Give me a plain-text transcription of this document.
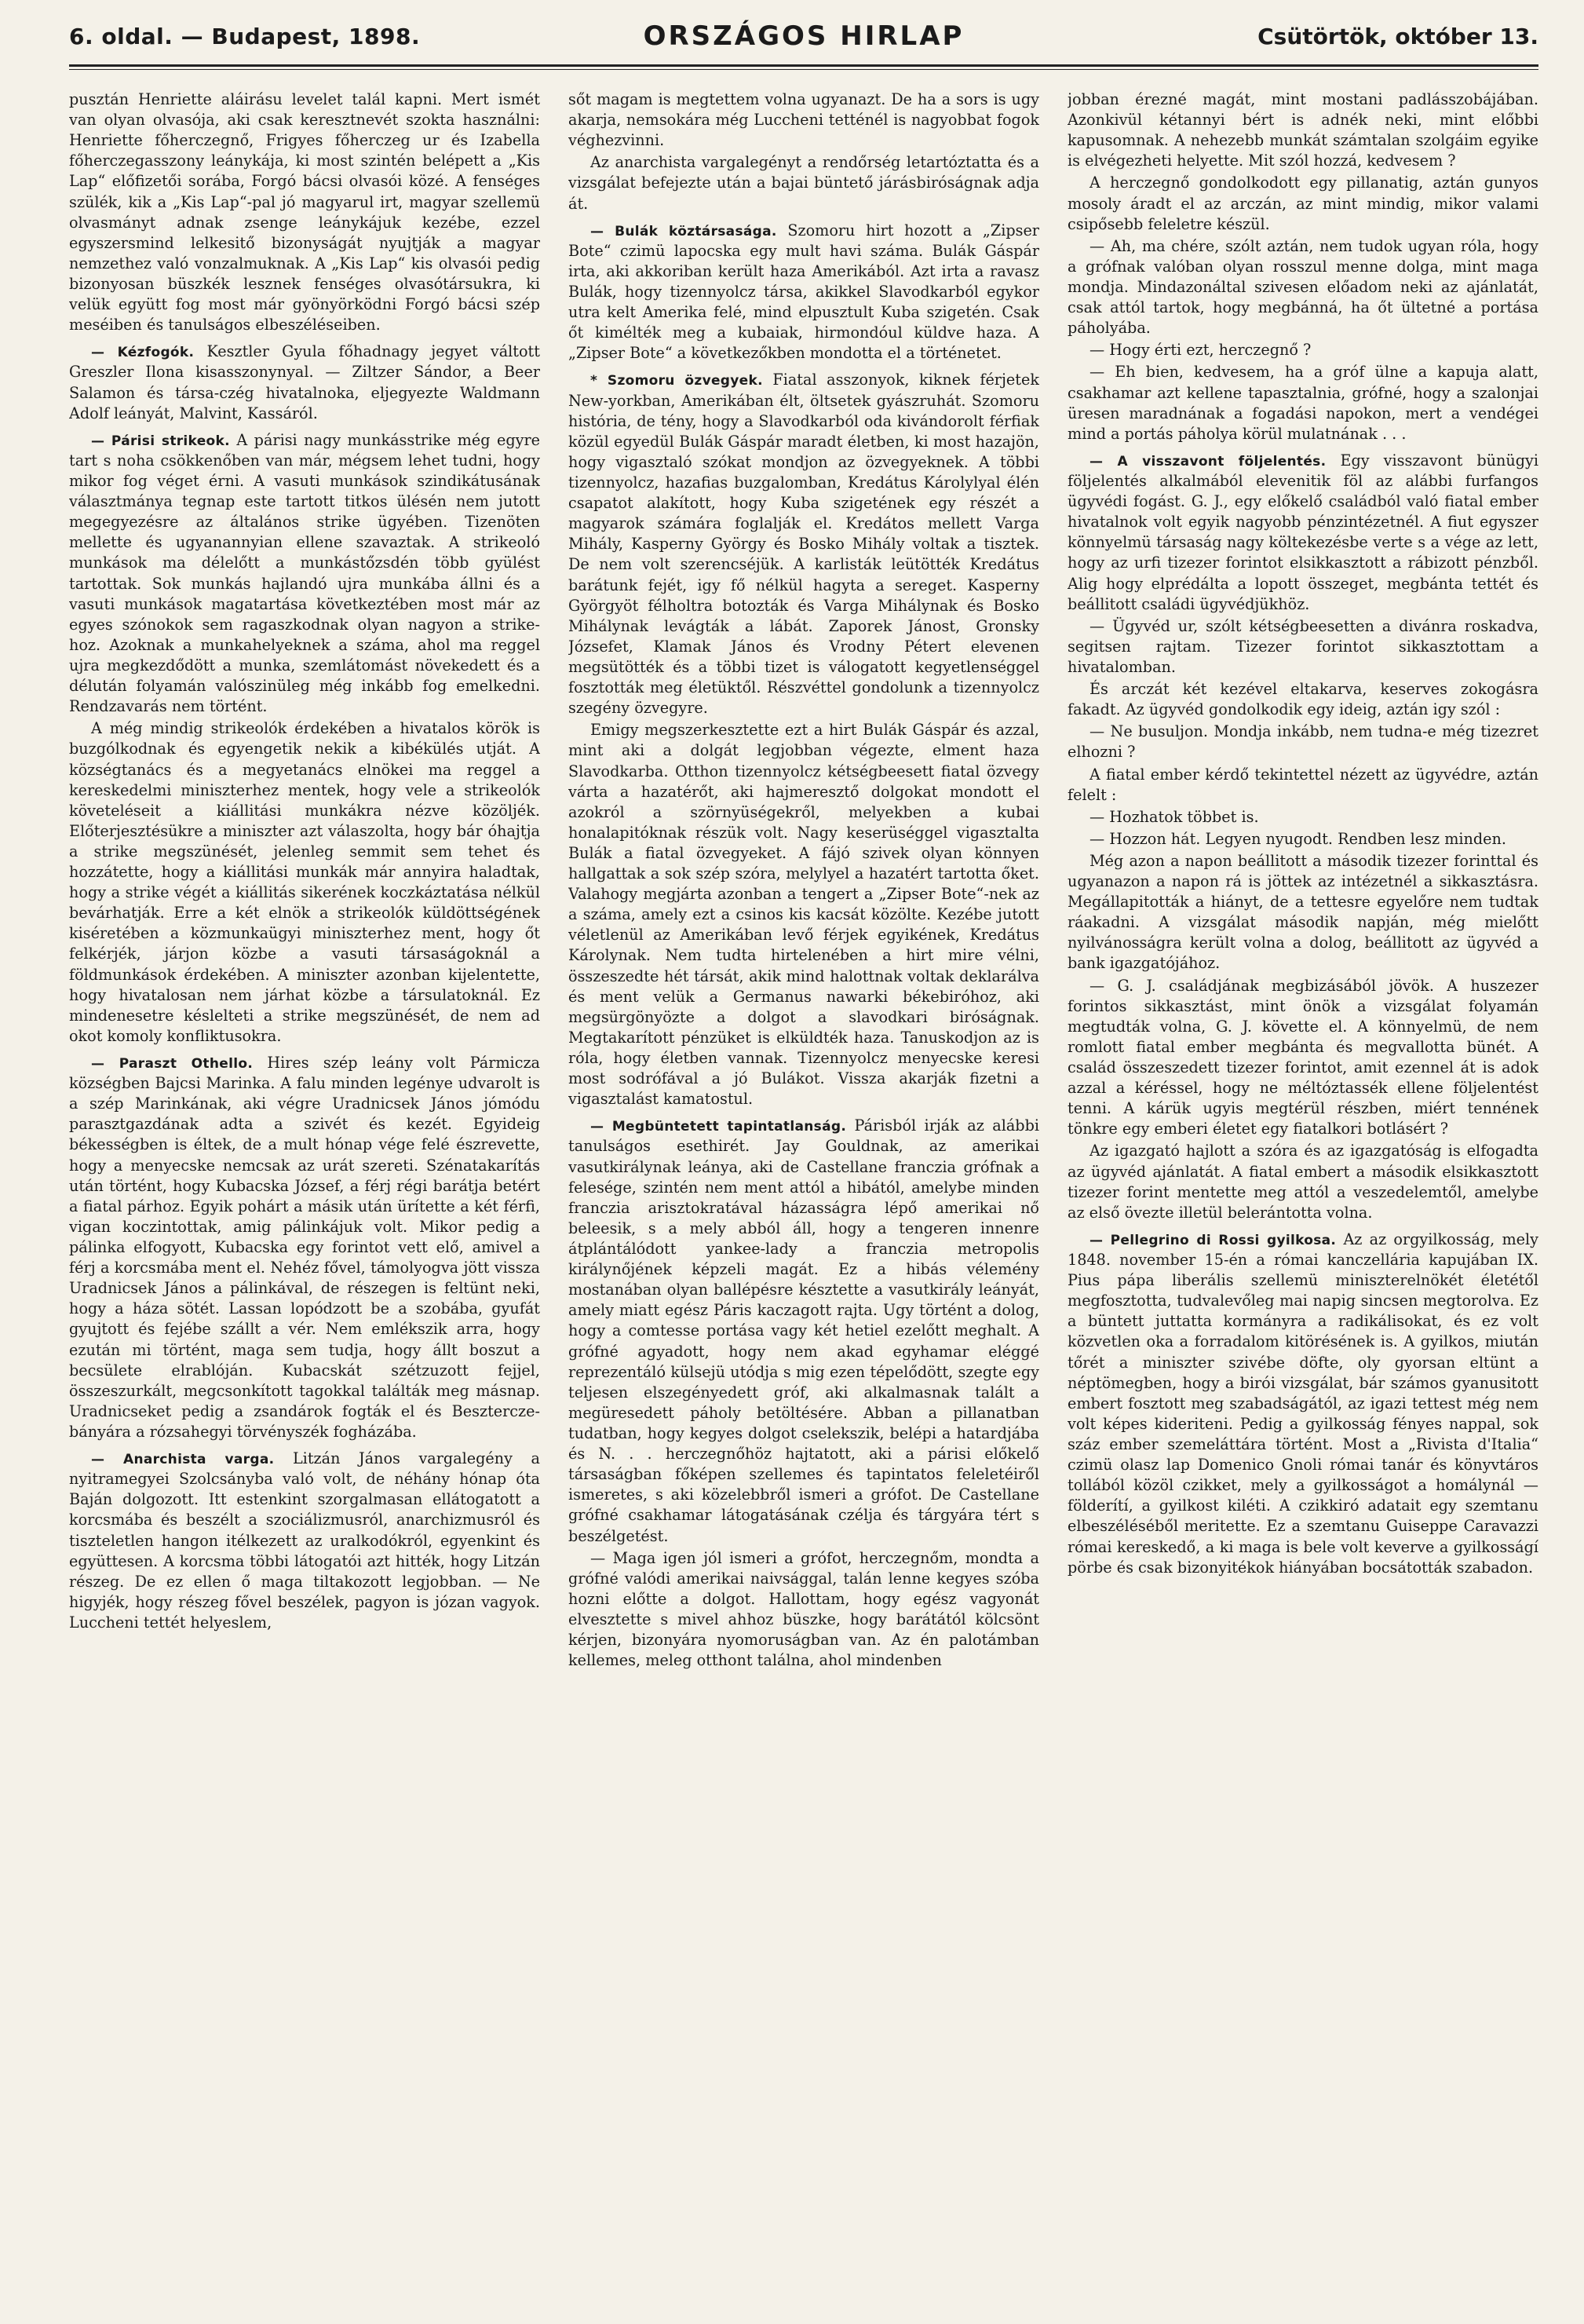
6. oldal. — Budapest, 1898.	ORSZÁGOS HIRLAP	Csütörtök, október 13.

pusztán Henriette aláirásu levelet talál kapni. Mert ismét van olyan olvasója, aki csak keresztnevét szokta használni: Henriette főherczegnő, Frigyes főherczeg ur és Izabella főherczegasszony leánykája, ki most szintén belépett a „Kis Lap“ előfizetői sorába, Forgó bácsi olvasói közé. A fenséges szülék, kik a „Kis Lap“-pal jó magyarul irt, magyar szellemü olvasmányt adnak zsenge leánykájuk kezébe, ezzel egyszersmind lelkesitő bizonyságát nyujtják a magyar nemzethez való vonzalmuknak. A „Kis Lap“ kis olvasói pedig bizonyosan büszkék lesznek fenséges olvasótársukra, ki velük együtt fog most már gyönyörködni Forgó bácsi szép meséiben és tanulságos elbeszéléseiben.

— Kézfogók. Kesztler Gyula főhadnagy jegyet váltott Greszler Ilona kisasszonynyal. — Ziltzer Sándor, a Beer Salamon és társa-czég hivatalnoka, eljegyezte Waldmann Adolf leányát, Malvint, Kassáról.

— Párisi strikeok. A párisi nagy munkásstrike még egyre tart s noha csökkenőben van már, mégsem lehet tudni, hogy mikor fog véget érni. A vasuti munkások szindikátusának választmánya tegnap este tartott titkos ülésén nem jutott megegyezésre az általános strike ügyében. Tizenöten mellette és ugyanannyian ellene szavaztak. A strikeoló munkások ma délelőtt a munkástőzsdén több gyülést tartottak. Sok munkás hajlandó ujra munkába állni és a vasuti munkások magatartása következtében most már az egyes szónokok sem ragaszkodnak olyan nagyon a strike-hoz. Azoknak a munkahelyeknek a száma, ahol ma reggel ujra megkezdődött a munka, szemlátomást növekedett és a délután folyamán valószinüleg még inkább fog emelkedni. Rendzavarás nem történt.

A még mindig strikeolók érdekében a hivatalos körök is buzgólkodnak és egyengetik nekik a kibékülés utját. A községtanács és a megyetanács elnökei ma reggel a kereskedelmi miniszterhez mentek, hogy vele a strikeolók követeléseit a kiállitási munkákra nézve közöljék. Előterjesztésükre a miniszter azt válaszolta, hogy bár óhajtja a strike megszünését, jelenleg semmit sem tehet és hozzátette, hogy a kiállitási munkák már annyira haladtak, hogy a strike végét a kiállitás sikerének koczkáztatása nélkül bevárhatják. Erre a két elnök a strikeolók küldöttségének kiséretében a közmunkaügyi miniszterhez ment, hogy őt felkérjék, járjon közbe a vasuti társaságoknál a földmunkások érdekében. A miniszter azonban kijelentette, hogy hivatalosan nem járhat közbe a társulatoknál. Ez mindenesetre késlelteti a strike megszünését, de nem ad okot komoly konfliktusokra.

— Paraszt Othello. Hires szép leány volt Pármicza községben Bajcsi Marinka. A falu minden legénye udvarolt is a szép Marinkának, aki végre Uradnicsek János jómódu parasztgazdának adta a szivét és kezét. Egyideig békességben is éltek, de a mult hónap vége felé észrevette, hogy a menyecske nemcsak az urát szereti. Szénatakarítás után történt, hogy Kubacska József, a férj régi barátja betért a fiatal párhoz. Egyik pohárt a másik után ürítette a két férfi, vigan koczintottak, amig pálinkájuk volt. Mikor pedig a pálinka elfogyott, Kubacska egy forintot vett elő, amivel a férj a korcsmába ment el. Nehéz fővel, támolyogva jött vissza Uradnicsek János a pálinkával, de részegen is feltünt neki, hogy a háza sötét. Lassan lopódzott be a szobába, gyufát gyujtott és fejébe szállt a vér. Nem emlékszik arra, hogy ezután mi történt, maga sem tudja, hogy állt boszut a becsülete elrablóján. Kubacskát szétzuzott fejjel, összeszurkált, megcsonkított tagokkal találták meg másnap. Uradnicseket pedig a zsandárok fogták el és Besztercze-bányára a rózsahegyi törvényszék fogházába.

— Anarchista varga. Litzán János vargalegény a nyitramegyei Szolcsányba való volt, de néhány hónap óta Baján dolgozott. Itt estenkint szorgalmasan ellátogatott a korcsmába és beszélt a szociálizmusról, anarchizmusról és tiszteletlen hangon itélkezett az uralkodókról, egyenkint és együttesen. A korcsma többi látogatói azt hitték, hogy Litzán részeg. De ez ellen ő maga tiltakozott legjobban. — Ne higyjék, hogy részeg fővel beszélek, pagyon is józan vagyok. Luccheni tettét helyeslem,

sőt magam is megtettem volna ugyanazt. De ha a sors is ugy akarja, nemsokára még Luccheni tetténél is nagyobbat fogok véghezvinni.

Az anarchista vargalegényt a rendőrség letartóztatta és a vizsgálat befejezte után a bajai büntető járásbiróságnak adja át.

— Bulák köztársasága. Szomoru hirt hozott a „Zipser Bote“ czimü lapocska egy mult havi száma. Bulák Gáspár irta, aki akkoriban került haza Amerikából. Azt irta a ravasz Bulák, hogy tizennyolcz társa, akikkel Slavodkarból egykor utra kelt Amerika felé, mind elpusztult Kuba szigetén. Csak őt kimélték meg a kubaiak, hirmondóul küldve haza. A „Zipser Bote“ a következőkben mondotta el a történetet.

* Szomoru özvegyek. Fiatal asszonyok, kiknek férjetek New-yorkban, Amerikában élt, öltsetek gyászruhát. Szomoru história, de tény, hogy a Slavodkarból oda kivándorolt férfiak közül egyedül Bulák Gáspár maradt életben, ki most hazajön, hogy vigasztaló szókat mondjon az özvegyeknek. A többi tizennyolcz, hazafias buzgalomban, Kredátus Károlylyal élén csapatot alakított, hogy Kuba szigetének egy részét a magyarok számára foglalják el. Kredátos mellett Varga Mihály, Kasperny György és Bosko Mihály voltak a tisztek. De nem volt szerencséjük. A karlisták leütötték Kredátus barátunk fejét, igy fő nélkül hagyta a sereget. Kasperny Györgyöt félholtra botozták és Varga Mihálynak és Bosko Mihálynak levágták a lábát. Zaporek Jánost, Gronsky Józsefet, Klamak János és Vrodny Pétert elevenen megsütötték és a többi tizet is válogatott kegyetlenséggel fosztották meg életüktől. Részvéttel gondolunk a tizennyolcz szegény özvegyre.

Emigy megszerkesztette ezt a hirt Bulák Gáspár és azzal, mint aki a dolgát legjobban végezte, elment haza Slavodkarba. Otthon tizennyolcz kétségbeesett fiatal özvegy várta a hazatérőt, aki hajmeresztő dolgokat mondott el azokról a szörnyüségekről, melyekben a kubai honalapitóknak részük volt. Nagy keserüséggel vigasztalta Bulák a fiatal özvegyeket. A fájó szivek olyan könnyen hallgattak a sok szép szóra, melylyel a hazatért tartotta őket. Valahogy megjárta azonban a tengert a „Zipser Bote“-nek az a száma, amely ezt a csinos kis kacsát közölte. Kezébe jutott véletlenül az Amerikában levő férjek egyikének, Kredátus Károlynak. Nem tudta hirtelenében a hirt mire vélni, összeszedte hét társát, akik mind halottnak voltak deklarálva és ment velük a Germanus nawarki békebiróhoz, aki megsürgönyözte a dolgot a slavodkari biróságnak. Megtakarított pénzüket is elküldték haza. Tanuskodjon az is róla, hogy életben vannak. Tizennyolcz menyecske keresi most sodrófával a jó Bulákot. Vissza akarják fizetni a vigasztalást kamatostul.

— Megbüntetett tapintatlanság. Párisból irják az alábbi tanulságos esethirét. Jay Gouldnak, az amerikai vasutkirálynak leánya, aki de Castellane franczia grófnak a felesége, szintén nem ment attól a hibától, amelybe minden franczia arisztokratával házasságra lépő amerikai nő beleesik, s a mely abból áll, hogy a tengeren innenre átplántálódott yankee-lady a franczia metropolis királynőjének képzeli magát. Ez a hibás vélemény mostanában olyan ballépésre késztette a vasutkirály leányát, amely miatt egész Páris kaczagott rajta. Ugy történt a dolog, hogy a comtesse portása vagy két hetiel ezelőtt meghalt. A grófné agyadott, hogy nem akad egyhamar eléggé reprezentáló külsejü utódja s mig ezen tépelődött, szegte egy teljesen elszegényedett gróf, aki alkalmasnak talált a megüresedett páholy betöltésére. Abban a pillanatban tudatban, hogy kegyes dolgot cselekszik, belépi a hatardjába és N. . . herczegnőhöz hajtatott, aki a párisi előkelő társaságban főképen szellemes és tapintatos feleletéiről ismeretes, s aki közelebbről ismeri a grófot. De Castellane grófné csakhamar látogatásának czélja és tárgyára tért s beszélgetést.

— Maga igen jól ismeri a grófot, herczegnőm, mondta a grófné valódi amerikai naivsággal, talán lenne kegyes szóba hozni előtte a dolgot. Hallottam, hogy egész vagyonát elvesztette s mivel ahhoz büszke, hogy barátától kölcsönt kérjen, bizonyára nyomoruságban van. Az én palotámban kellemes, meleg otthont találna, ahol mindenben

jobban érezné magát, mint mostani padlásszobájában. Azonkivül kétannyi bért is adnék neki, mint előbbi kapusomnak. A nehezebb munkát számtalan szolgáim egyike is elvégezheti helyette. Mit szól hozzá, kedvesem ?

A herczegnő gondolkodott egy pillanatig, aztán gunyos mosoly áradt el az arczán, az mint mindig, mikor valami csipősebb feleletre készül.

— Ah, ma chére, szólt aztán, nem tudok ugyan róla, hogy a grófnak valóban olyan rosszul menne dolga, mint maga mondja. Mindazonáltal szivesen előadom neki az ajánlatát, csak attól tartok, hogy megbánná, ha őt ültetné a portása páholyába.

— Hogy érti ezt, herczegnő ?

— Eh bien, kedvesem, ha a gróf ülne a kapuja alatt, csakhamar azt kellene tapasztalnia, grófné, hogy a szalonjai üresen maradnának a fogadási napokon, mert a vendégei mind a portás páholya körül mulatnának . . .

— A visszavont följelentés. Egy visszavont bünügyi följelentés alkalmából elevenitik föl az alábbi furfangos ügyvédi fogást. G. J., egy előkelő családból való fiatal ember hivatalnok volt egyik nagyobb pénzintézetnél. A fiut egyszer könnyelmü társaság nagy költekezésbe verte s a vége az lett, hogy az urfi tizezer forintot elsikkasztott a rábizott pénzből. Alig hogy elprédálta a lopott összeget, megbánta tettét és beállitott családi ügyvédjükhöz.

— Ügyvéd ur, szólt kétségbeesetten a divánra roskadva, segitsen rajtam. Tizezer forintot sikkasztottam a hivatalomban.

És arczát két kezével eltakarva, keserves zokogásra fakadt. Az ügyvéd gondolkodik egy ideig, aztán igy szól :

— Ne busuljon. Mondja inkább, nem tudna-e még tizezret elhozni ?

A fiatal ember kérdő tekintettel nézett az ügyvédre, aztán felelt :

— Hozhatok többet is.

— Hozzon hát. Legyen nyugodt. Rendben lesz minden.

Még azon a napon beállitott a második tizezer forinttal és ugyanazon a napon rá is jöttek az intézetnél a sikkasztásra. Megállapitották a hiányt, de a tettesre egyelőre nem tudtak ráakadni. A vizsgálat második napján, még mielőtt nyilvánosságra került volna a dolog, beállitott az ügyvéd a bank igazgatójához.

— G. J. családjának megbizásából jövök. A huszezer forintos sikkasztást, mint önök a vizsgálat folyamán megtudták volna, G. J. követte el. A könnyelmü, de nem romlott fiatal ember megbánta és megvallotta bünét. A család összeszedett tizezer forintot, amit ezennel át is adok azzal a kéréssel, hogy ne méltóztassék ellene följelentést tenni. A kárük ugyis megtérül részben, miért tennének tönkre egy emberi életet egy fiatalkori botlásért ?

Az igazgató hajlott a szóra és az igazgatóság is elfogadta az ügyvéd ajánlatát. A fiatal embert a második elsikkasztott tizezer forint mentette meg attól a veszedelemtől, amelybe az első övezte illetül belerántotta volna.

— Pellegrino di Rossi gyilkosa. Az az orgyilkosság, mely 1848. november 15-én a római kanczellária kapujában IX. Pius pápa liberális szellemü miniszterelnökét életétől megfosztotta, tudvalevőleg mai napig sincsen megtorolva. Ez a büntett juttatta kormányra a radikálisokat, és ez volt közvetlen oka a forradalom kitörésének is. A gyilkos, miután tőrét a miniszter szivébe döfte, oly gyorsan eltünt a néptömegben, hogy a birói vizsgálat, bár számos gyanusitott embert fosztott meg szabadságától, az igazi tettest még nem volt képes kideriteni. Pedig a gyilkosság fényes nappal, sok száz ember szemeláttára történt. Most a „Rivista d'Italia“ czimü olasz lap Domenico Gnoli római tanár és könyvtáros tollából közöl czikket, mely a gyilkosságot a homálynál — földerítí, a gyilkost kiléti. A czikkiró adatait egy szemtanu elbeszéléséből meritette. Ez a szemtanu Guiseppe Caravazzi római kereskedő, a ki maga is bele volt keverve a gyilkosságí pörbe és csak bizonyitékok hiányában bocsátották szabadon.
